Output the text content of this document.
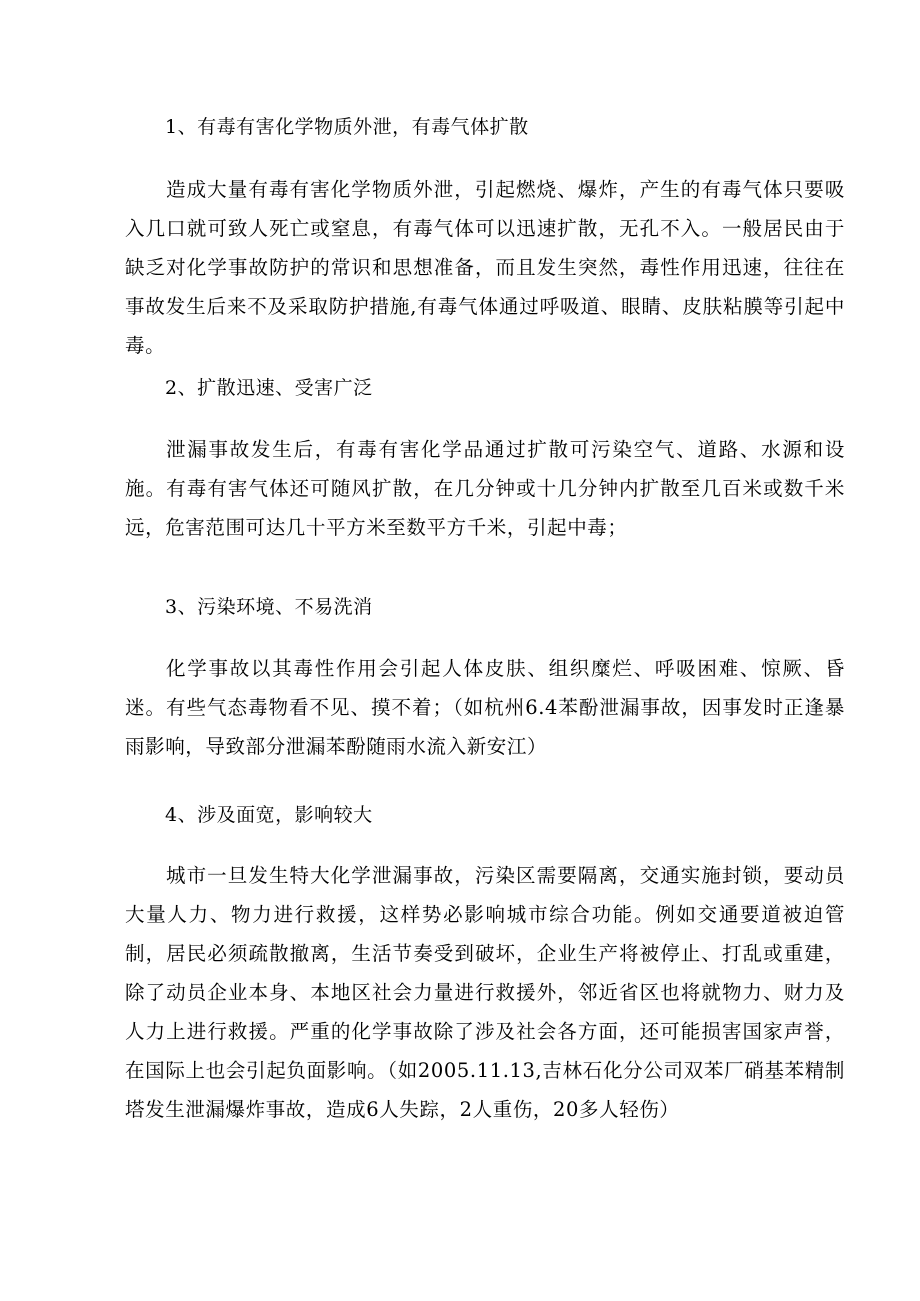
1、有毒有害化学物质外泄，有毒气体扩散

造成大量有毒有害化学物质外泄，引起燃烧、爆炸，产生的有毒气体只要吸入几口就可致人死亡或窒息，有毒气体可以迅速扩散，无孔不入。一般居民由于缺乏对化学事故防护的常识和思想准备，而且发生突然，毒性作用迅速，往往在事故发生后来不及采取防护措施,有毒气体通过呼吸道、眼睛、皮肤粘膜等引起中毒。

2、扩散迅速、受害广泛

泄漏事故发生后，有毒有害化学品通过扩散可污染空气、道路、水源和设施。有毒有害气体还可随风扩散，在几分钟或十几分钟内扩散至几百米或数千米远，危害范围可达几十平方米至数平方千米，引起中毒；

3、污染环境、不易洗消

化学事故以其毒性作用会引起人体皮肤、组织糜烂、呼吸困难、惊厥、昏迷。有些气态毒物看不见、摸不着；（如杭州6.4苯酚泄漏事故，因事发时正逢暴雨影响，导致部分泄漏苯酚随雨水流入新安江）

4、涉及面宽，影响较大

城市一旦发生特大化学泄漏事故，污染区需要隔离，交通实施封锁，要动员大量人力、物力进行救援，这样势必影响城市综合功能。例如交通要道被迫管制，居民必须疏散撤离，生活节奏受到破坏，企业生产将被停止、打乱或重建，除了动员企业本身、本地区社会力量进行救援外，邻近省区也将就物力、财力及人力上进行救援。严重的化学事故除了涉及社会各方面，还可能损害国家声誉，在国际上也会引起负面影响。（如2005.11.13,吉林石化分公司双苯厂硝基苯精制塔发生泄漏爆炸事故，造成6人失踪，2人重伤，20多人轻伤）
